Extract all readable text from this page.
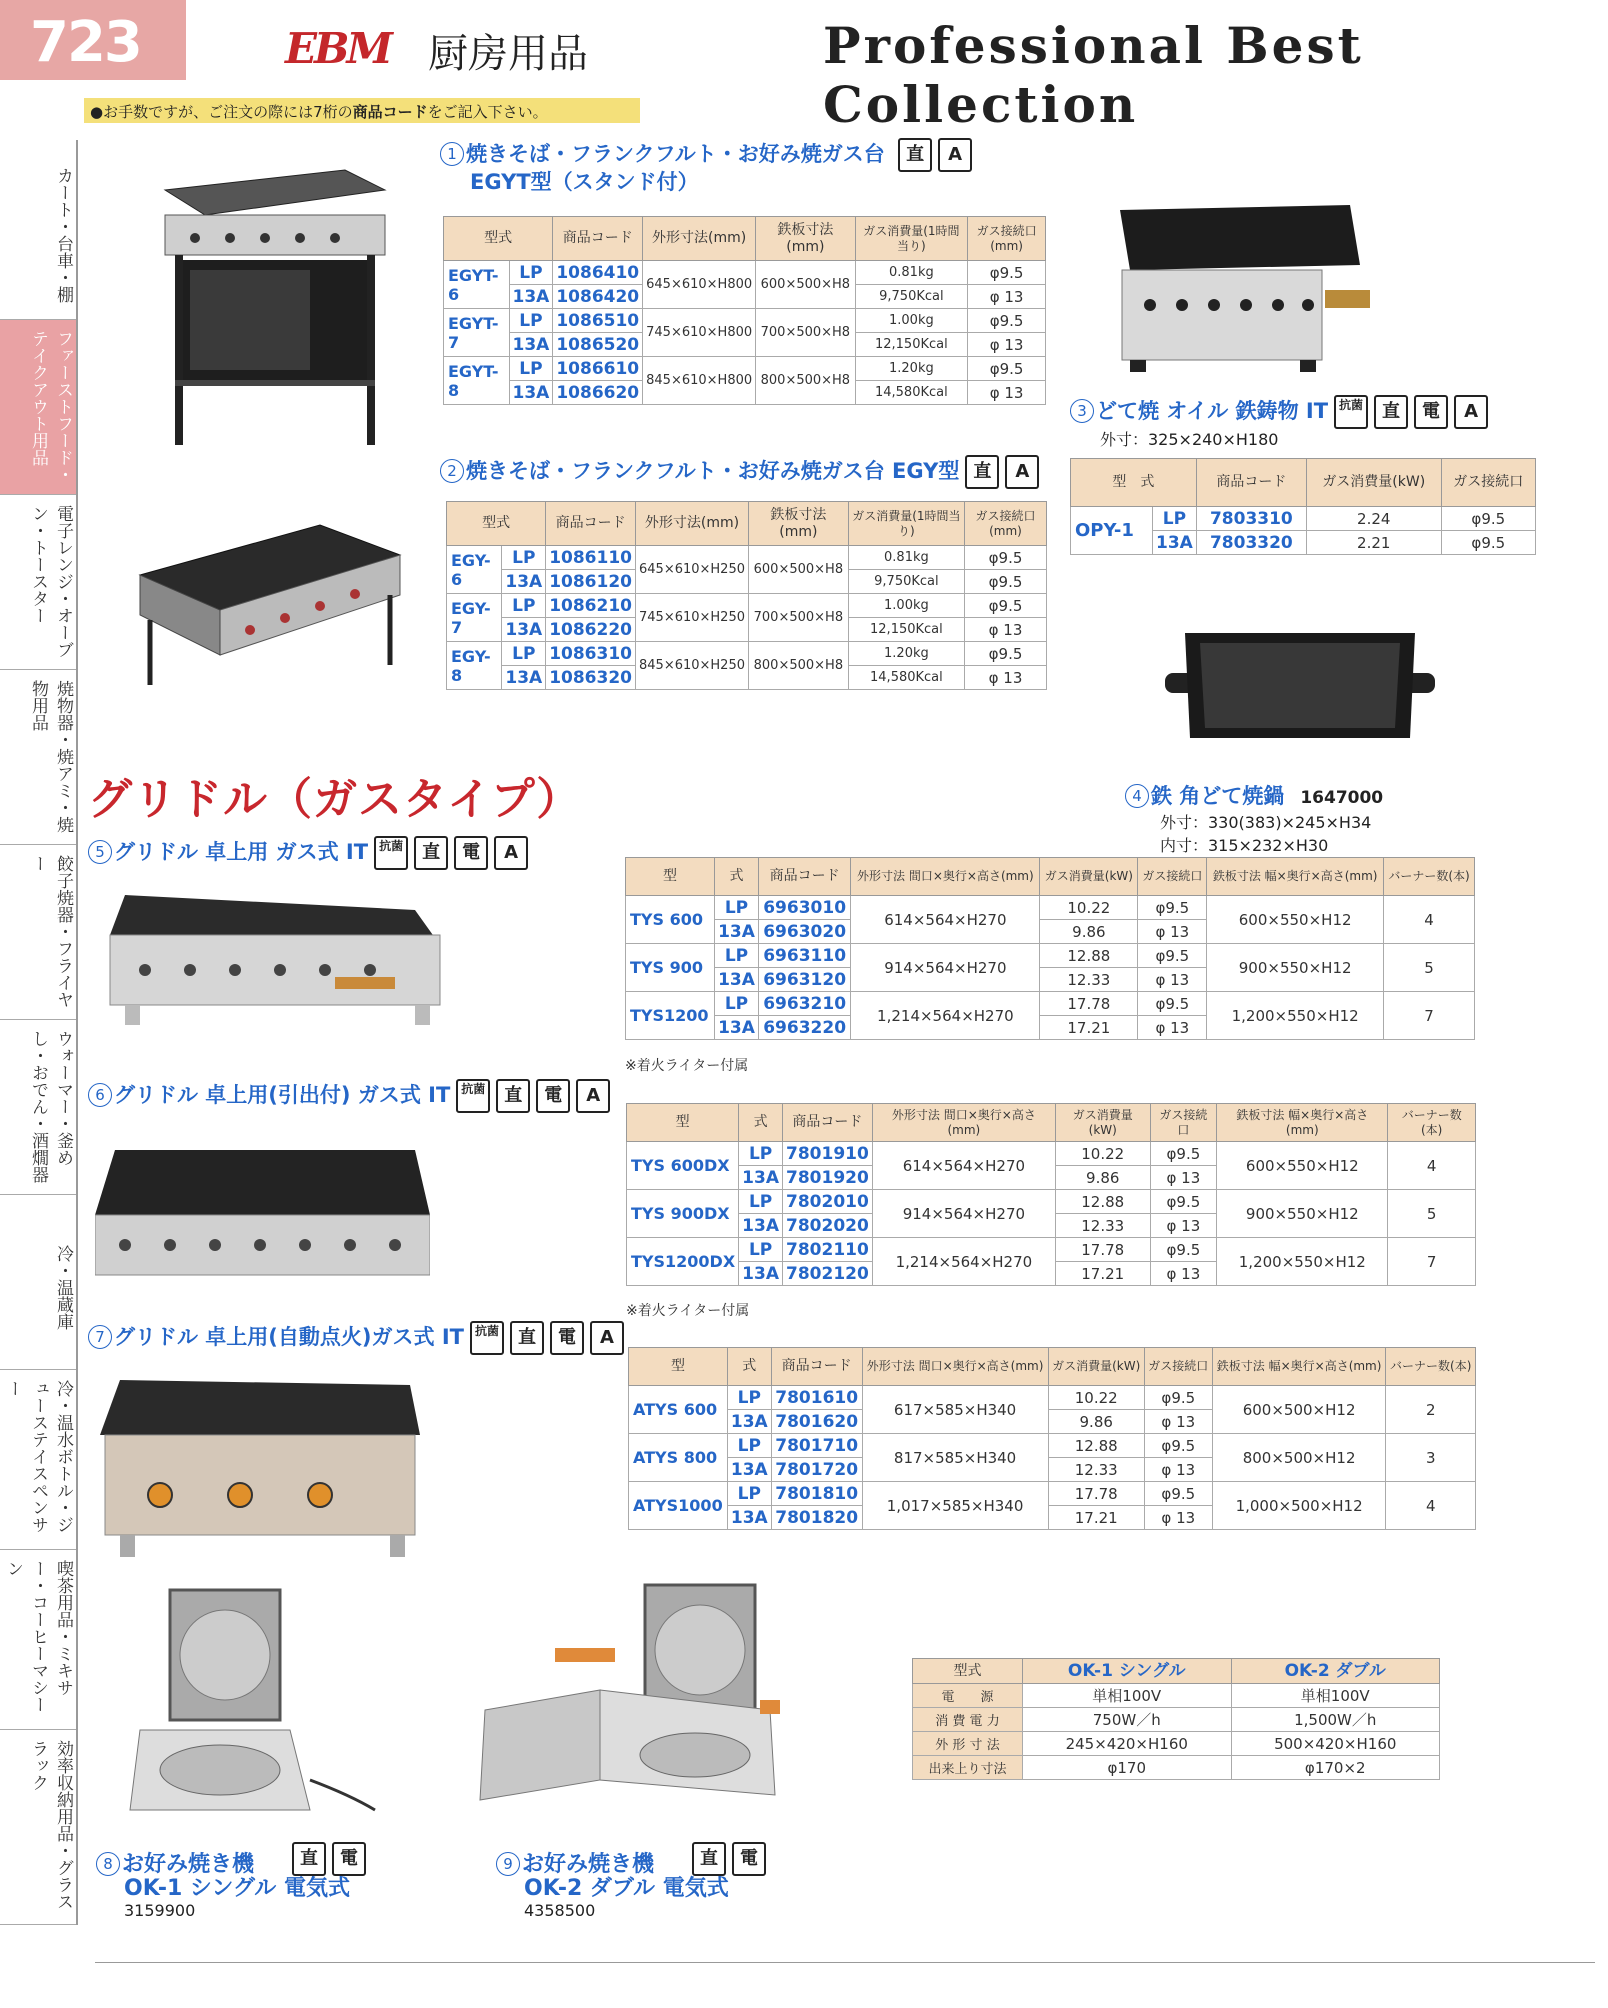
723	EBM 厨房用品	Professional Best Collection
●お手数ですが、ご注文の際には7桁の商品コードをご記入下さい。
カート・台車・棚
ファーストフード・テイクアウト用品
電子レンジ・オーブン・トースター
焼物器・焼アミ・焼物用品
餃子焼器・フライヤー
ウォーマー・釜めし・おでん・酒燗器
冷・温蔵庫
冷・温水ボトル・ジューステイスペンサー
喫茶用品・ミキサー・コーヒーマシーン
効率収納用品・グラスラック
1 焼きそば・フランクフルト・お好み焼ガス台	直	A
EGYT型（スタンド付）
型式		商品コード	外形寸法(mm)	鉄板寸法(mm)	ガス消費量(1時間当り)	ガス接続口(mm)
EGYT-6	LP	1086410	645×610×H800	600×500×H8	0.81kg	φ9.5
	13A	1086420			9,750Kcal	φ 13
EGYT-7	LP	1086510	745×610×H800	700×500×H8	1.00kg	φ9.5
	13A	1086520			12,150Kcal	φ 13
EGYT-8	LP	1086610	845×610×H800	800×500×H8	1.20kg	φ9.5
	13A	1086620			14,580Kcal	φ 13
2 焼きそば・フランクフルト・お好み焼ガス台 EGY型 直	A
型式		商品コード	外形寸法(mm)	鉄板寸法(mm)	ガス消費量(1時間当り)	ガス接続口(mm)
EGY-6	LP	1086110	645×610×H250	600×500×H8	0.81kg	φ9.5
	13A	1086120			9,750Kcal	φ9.5
EGY-7	LP	1086210	745×610×H250	700×500×H8	1.00kg	φ9.5
	13A	1086220			12,150Kcal	φ 13
EGY-8	LP	1086310	845×610×H250	800×500×H8	1.20kg	φ9.5
	13A	1086320			14,580Kcal	φ 13
3 どて焼 オイル 鉄鋳物 IT 抗菌	直	電	A
外寸：325×240×H180
型　式		商品コード	ガス消費量(kW)	ガス接続口
OPY-1	LP	7803310	2.24	φ9.5
	13A	7803320	2.21	φ9.5
4 鉄 角どて焼鍋　 1647000
外寸：330(383)×245×H34
内寸：315×232×H30
グリドル（ガスタイプ）
5 グリドル 卓上用 ガス式 IT 抗菌	直	電	A
型	式	商品コード	外形寸法 間口×奥行×高さ(mm)	ガス消費量(kW)	ガス接続口	鉄板寸法 幅×奥行×高さ(mm)	バーナー数(本)
TYS 600	LP	6963010	614×564×H270	10.22	φ9.5	600×550×H12	4
	13A	6963020		9.86	φ 13		
TYS 900	LP	6963110	914×564×H270	12.88	φ9.5	900×550×H12	5
	13A	6963120		12.33	φ 13		
TYS1200	LP	6963210	1,214×564×H270	17.78	φ9.5	1,200×550×H12	7
	13A	6963220		17.21	φ 13		
※着火ライター付属
6 グリドル 卓上用(引出付) ガス式 IT 抗菌	直	電	A
型	式	商品コード	外形寸法 間口×奥行×高さ(mm)	ガス消費量(kW)	ガス接続口	鉄板寸法 幅×奥行×高さ(mm)	バーナー数(本)
TYS 600DX	LP	7801910	614×564×H270	10.22	φ9.5	600×550×H12	4
	13A	7801920		9.86	φ 13		
TYS 900DX	LP	7802010	914×564×H270	12.88	φ9.5	900×550×H12	5
	13A	7802020		12.33	φ 13		
TYS1200DX	LP	7802110	1,214×564×H270	17.78	φ9.5	1,200×550×H12	7
	13A	7802120		17.21	φ 13		
※着火ライター付属
7 グリドル 卓上用(自動点火)ガス式 IT 抗菌	直	電	A
型	式	商品コード	外形寸法 間口×奥行×高さ(mm)	ガス消費量(kW)	ガス接続口	鉄板寸法 幅×奥行×高さ(mm)	バーナー数(本)
ATYS 600	LP	7801610	617×585×H340	10.22	φ9.5	600×500×H12	2
	13A	7801620		9.86	φ 13		
ATYS 800	LP	7801710	817×585×H340	12.88	φ9.5	800×500×H12	3
	13A	7801720		12.33	φ 13		
ATYS1000	LP	7801810	1,017×585×H340	17.78	φ9.5	1,000×500×H12	4
	13A	7801820		17.21	φ 13		
型式	OK-1 シングル	OK-2 ダブル
電　　源	単相100V	単相100V
消 費 電 力	750W／h	1,500W／h
外 形 寸 法	245×420×H160	500×420×H160
出来上り寸法	φ170	φ170×2
直	電
8 お好み焼き機
OK-1 シングル 電気式
3159900
直	電
9 お好み焼き機
OK-2 ダブル 電気式
4358500
